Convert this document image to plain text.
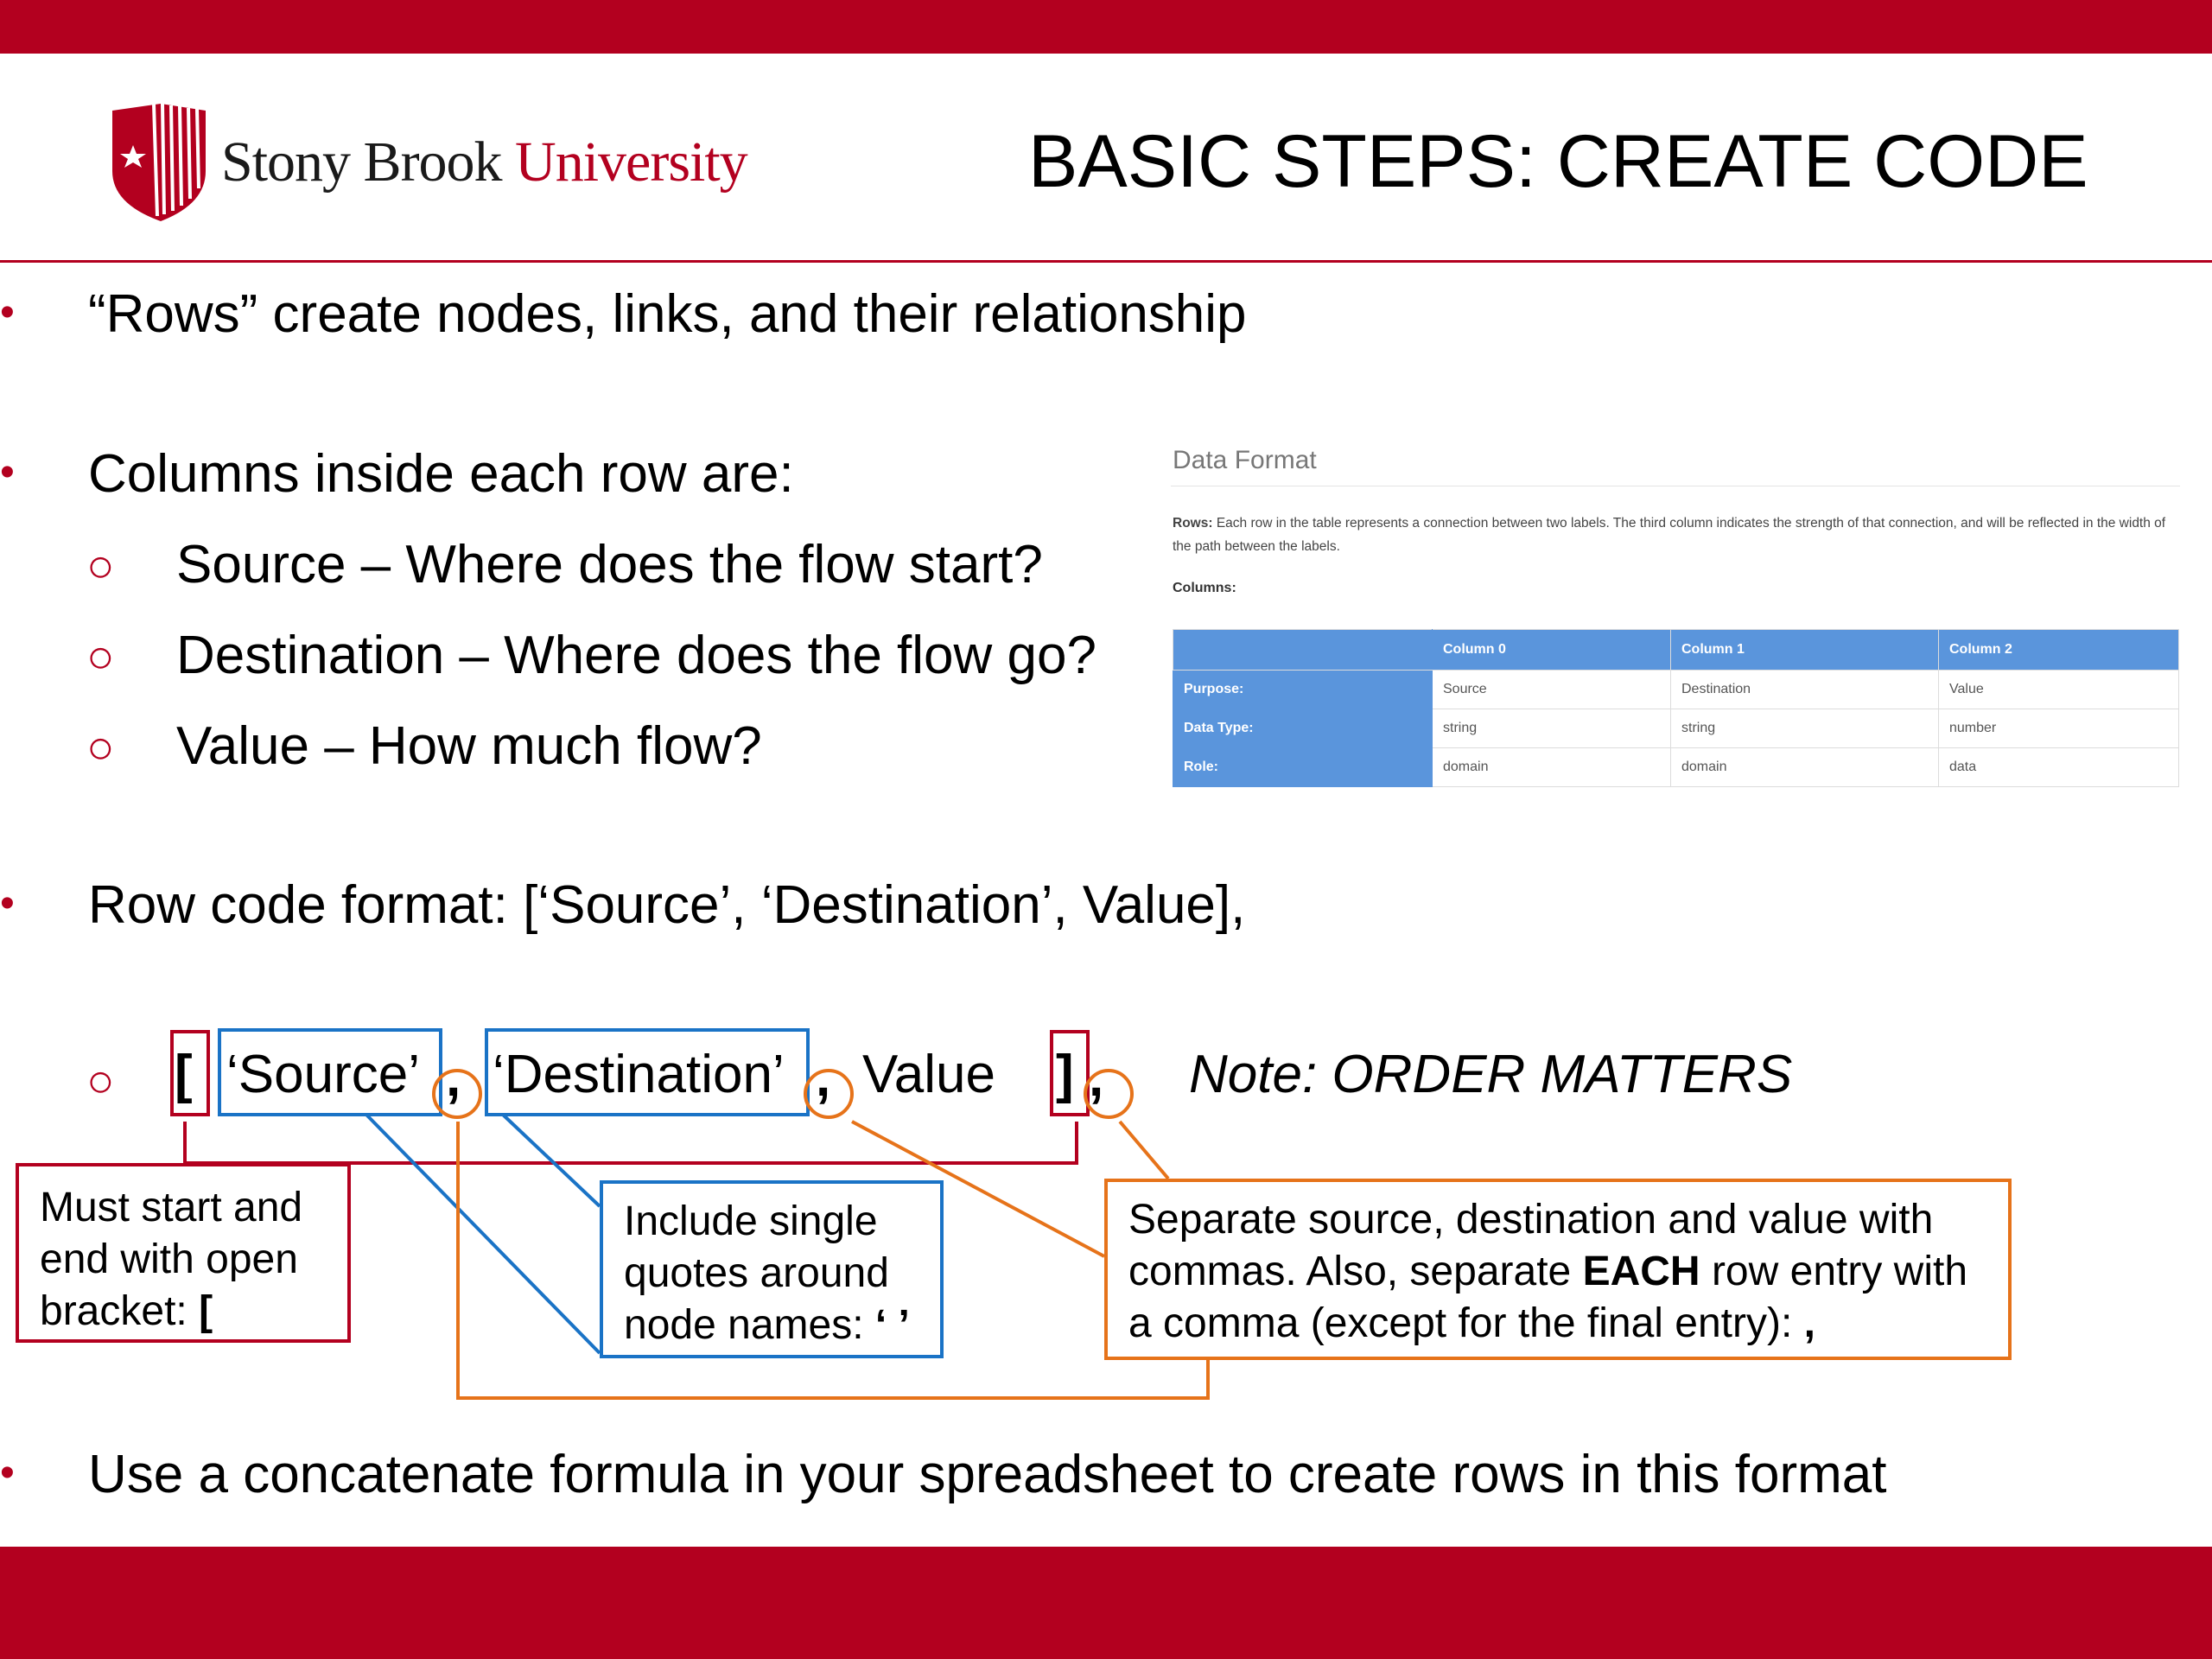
Stony Brook University	BASIC STEPS: CREATE CODE
• “Rows” create nodes, links, and their relationship
• Columns inside each row are:
○ Source – Where does the flow start?
○ Destination – Where does the flow go?
○ Value – How much flow?
Data Format
Rows: Each row in the table represents a connection between two labels. The third column indicates the strength of that connection, and will be reflected in the width of the path between the labels.
Columns:
	Column 0	Column 1	Column 2
Purpose:	Source	Destination	Value
Data Type:	string	string	number
Role:	domain	domain	data
• Row code format: [‘Source’, ‘Destination’, Value],
○ [ ‘Source’ , ‘Destination’ , Value ] , Note: ORDER MATTERS
Must start and end with open bracket: [
Include single quotes around node names: ‘ ’
Separate source, destination and value with commas. Also, separate EACH row entry with a comma (except for the final entry): ,
• Use a concatenate formula in your spreadsheet to create rows in this format
